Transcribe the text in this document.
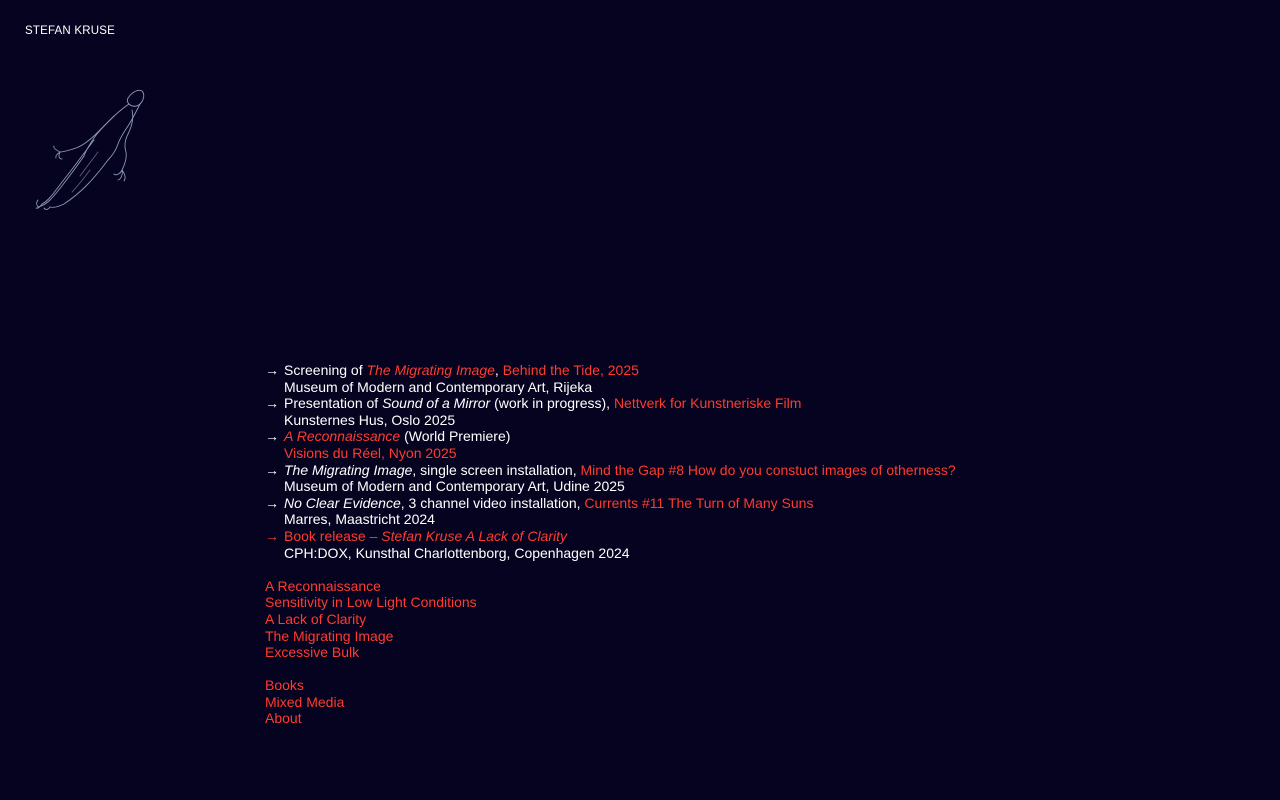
STEFAN KRUSE
→ Screening of The Migrating Image, Behind the Tide, 2025
Museum of Modern and Contemporary Art, Rijeka
→ Presentation of Sound of a Mirror (work in progress), Nettverk for Kunstneriske Film
Kunsternes Hus, Oslo 2025
→ A Reconnaissance (World Premiere)
Visions du Réel, Nyon 2025
→ The Migrating Image, single screen installation, Mind the Gap #8 How do you constuct images of otherness?
Museum of Modern and Contemporary Art, Udine 2025
→ No Clear Evidence, 3 channel video installation, Currents #11 The Turn of Many Suns
Marres, Maastricht 2024
→ Book release – Stefan Kruse A Lack of Clarity
CPH:DOX, Kunsthal Charlottenborg, Copenhagen 2024
A Reconnaissance
Sensitivity in Low Light Conditions
A Lack of Clarity
The Migrating Image
Excessive Bulk
Books
Mixed Media
About
